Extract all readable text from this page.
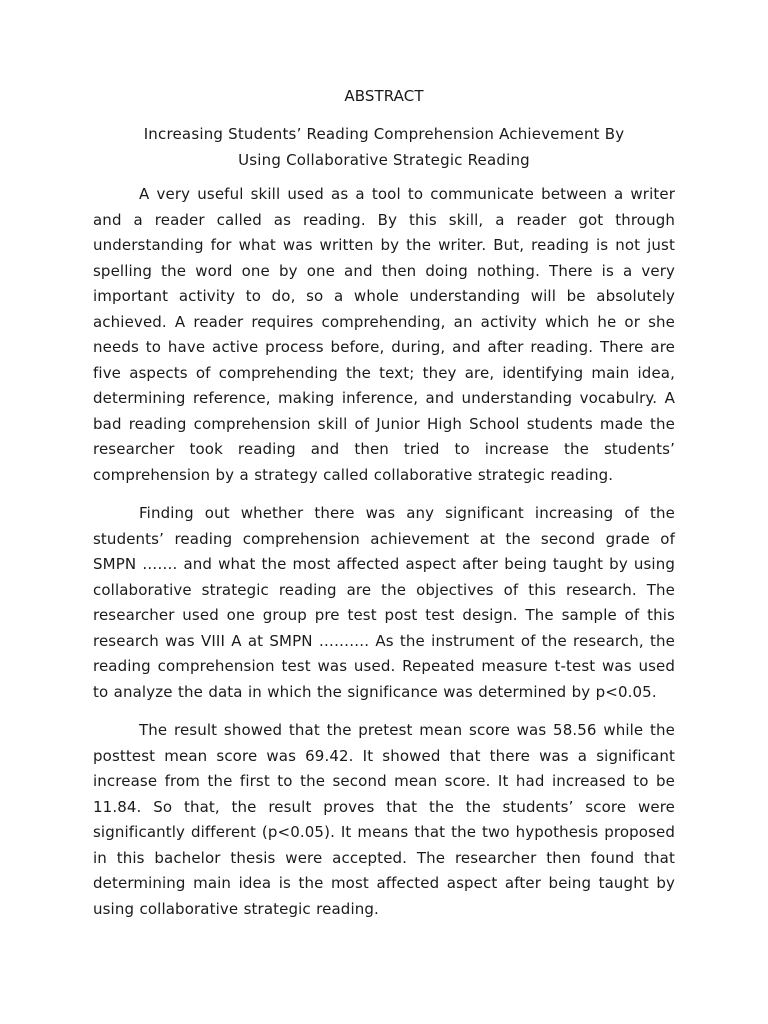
ABSTRACT
Increasing Students’ Reading Comprehension Achievement By
Using Collaborative Strategic Reading

A very useful skill used as a tool to communicate between a writer and a reader called as reading. By this skill, a reader got through understanding for what was written by the writer. But, reading is not just spelling the word one by one and then doing nothing. There is a very important activity to do, so a whole understanding will be absolutely achieved. A reader requires comprehending, an activity which he or she needs to have active process before, during, and after reading. There are five aspects of comprehending the text; they are, identifying main idea, determining reference, making inference, and understanding vocabulry. A bad reading comprehension skill of Junior High School students made the researcher took reading and then tried to increase the students’ comprehension by a strategy called collaborative strategic reading.

Finding out whether there was any significant increasing of the students’ reading comprehension achievement at the second grade of SMPN ……. and what the most affected aspect after being taught by using collaborative strategic reading are the objectives of this research. The researcher used one group pre test post test design. The sample of this research was VIII A at SMPN ………. As the instrument of the research, the reading comprehension test was used. Repeated measure t-test was used to analyze the data in which the significance was determined by p<0.05.

The result showed that the pretest mean score was 58.56 while the posttest mean score was 69.42. It showed that there was a significant increase from the first to the second mean score. It had increased to be 11.84. So that, the result proves that the the students’ score were significantly different (p<0.05). It means that the two hypothesis proposed in this bachelor thesis were accepted. The researcher then found that determining main idea is the most affected aspect after being taught by using collaborative strategic reading.
